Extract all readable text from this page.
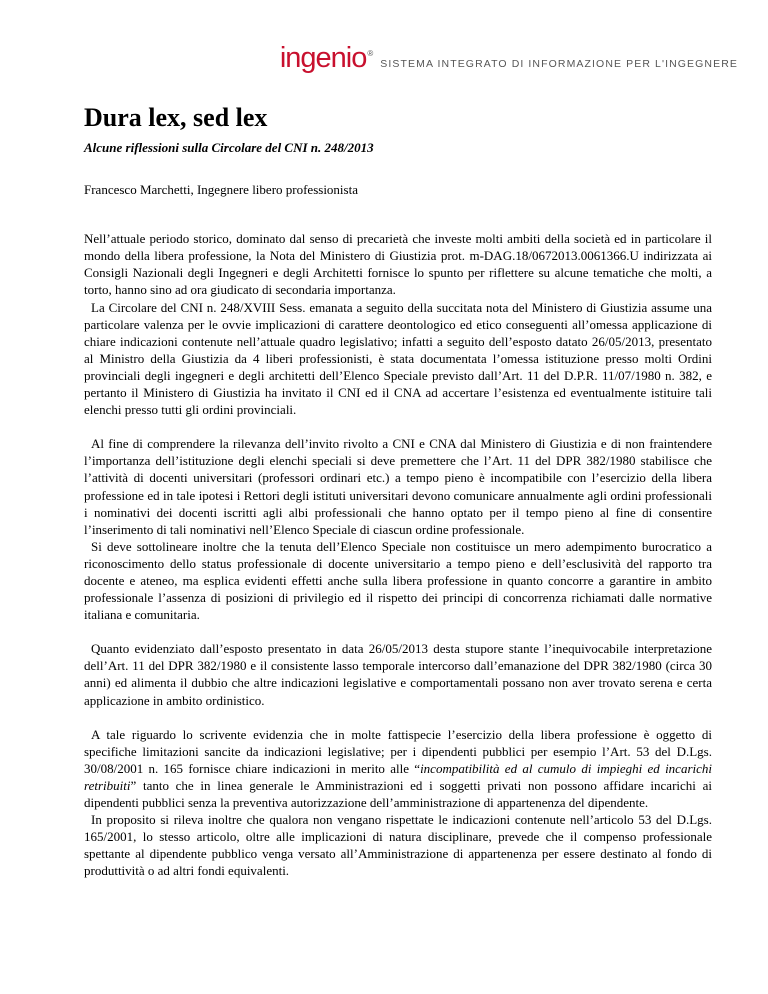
ingenio®
SISTEMA INTEGRATO DI INFORMAZIONE PER L'INGEGNERE
Dura lex, sed lex
Alcune riflessioni sulla Circolare del CNI n. 248/2013
Francesco Marchetti, Ingegnere libero professionista

Nell’attuale periodo storico, dominato dal senso di precarietà che investe molti ambiti della società ed in particolare il mondo della libera professione, la Nota del Ministero di Giustizia prot. m-DAG.18/0672013.0061366.U indirizzata ai Consigli Nazionali degli Ingegneri e degli Architetti fornisce lo spunto per riflettere su alcune tematiche che molti, a torto, hanno sino ad ora giudicato di secondaria importanza.

La Circolare del CNI n. 248/XVIII Sess. emanata a seguito della succitata nota del Ministero di Giustizia assume una particolare valenza per le ovvie implicazioni di carattere deontologico ed etico conseguenti all’omessa applicazione di chiare indicazioni contenute nell’attuale quadro legislativo; infatti a seguito dell’esposto datato 26/05/2013, presentato al Ministro della Giustizia da 4 liberi professionisti, è stata documentata l’omessa istituzione presso molti Ordini provinciali degli ingegneri e degli architetti dell’Elenco Speciale previsto dall’Art. 11 del D.P.R. 11/07/1980 n. 382, e pertanto il Ministero di Giustizia ha invitato il CNI ed il CNA ad accertare l’esistenza ed eventualmente istituire tali elenchi presso tutti gli ordini provinciali.

Al fine di comprendere la rilevanza dell’invito rivolto a CNI e CNA dal Ministero di Giustizia e di non fraintendere l’importanza dell’istituzione degli elenchi speciali si deve premettere che l’Art. 11 del DPR 382/1980 stabilisce che l’attività di docenti universitari (professori ordinari etc.) a tempo pieno è incompatibile con l’esercizio della libera professione ed in tale ipotesi i Rettori degli istituti universitari devono comunicare annualmente agli ordini professionali i nominativi dei docenti iscritti agli albi professionali che hanno optato per il tempo pieno al fine di consentire l’inserimento di tali nominativi nell’Elenco Speciale di ciascun ordine professionale.

Si deve sottolineare inoltre che la tenuta dell’Elenco Speciale non costituisce un mero adempimento burocratico a riconoscimento dello status professionale di docente universitario a tempo pieno e dell’esclusività del rapporto tra docente e ateneo, ma esplica evidenti effetti anche sulla libera professione in quanto concorre a garantire in ambito professionale l’assenza di posizioni di privilegio ed il rispetto dei principi di concorrenza richiamati dalle normative italiana e comunitaria.

Quanto evidenziato dall’esposto presentato in data 26/05/2013 desta stupore stante l’inequivocabile interpretazione dell’Art. 11 del DPR 382/1980 e il consistente lasso temporale intercorso dall’emanazione del DPR 382/1980 (circa 30 anni) ed alimenta il dubbio che altre indicazioni legislative e comportamentali possano non aver trovato serena e certa applicazione in ambito ordinistico.

A tale riguardo lo scrivente evidenzia che in molte fattispecie l’esercizio della libera professione è oggetto di specifiche limitazioni sancite da indicazioni legislative; per i dipendenti pubblici per esempio l’Art. 53 del D.Lgs. 30/08/2001 n. 165 fornisce chiare indicazioni in merito alle “incompatibilità ed al cumulo di impieghi ed incarichi retribuiti” tanto che in linea generale le Amministrazioni ed i soggetti privati non possono affidare incarichi ai dipendenti pubblici senza la preventiva autorizzazione dell’amministrazione di appartenenza del dipendente.

In proposito si rileva inoltre che qualora non vengano rispettate le indicazioni contenute nell’articolo 53 del D.Lgs. 165/2001, lo stesso articolo, oltre alle implicazioni di natura disciplinare, prevede che il compenso professionale spettante al dipendente pubblico venga versato all’Amministrazione di appartenenza per essere destinato al fondo di produttività o ad altri fondi equivalenti.
